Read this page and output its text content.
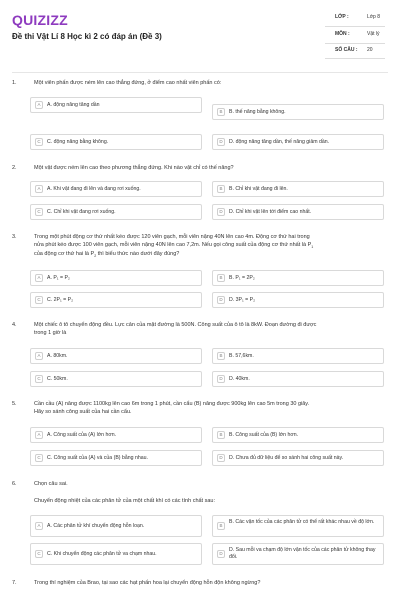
QUIZIZZ
Đề thi Vật Lí 8 Học kì 2 có đáp án (Đề 3)
LỚP :	Lớp 8
MÔN :	Vật lý
SỐ CÂU :	20
1.	Một viên phấn được ném lên cao thẳng đứng, ở điểm cao nhất viên phấn có:
A	A. động năng tăng dần
B	B. thế năng bằng không.
C	C. động năng bằng không.	D	D. động năng tăng dần, thế năng giảm dần.
2.	Một vật được ném lên cao theo phương thẳng đứng. Khi nào vật chỉ có thế năng?
A	A. Khi vật đang đi lên và đang rơi xuống.	B	B. Chỉ khi vật đang đi lên.
C	C. Chỉ khi vật đang rơi xuống.	D	D. Chỉ khi vật lên tới điểm cao nhất.
3.	Trong một phút động cơ thứ nhất kéo được 120 viên gạch, mỗi viên nặng 40N lên cao 4m. Động cơ thứ hai trong
nửa phút kéo được 100 viên gạch, mỗi viên nặng 40N lên cao 7,2m. Nếu gọi công suất của động cơ thứ nhất là $P_1$
của động cơ thứ hai là $P_2$ thì biểu thức nào dưới đây đúng?
A	A. P₁ = P₂	B	B. P₁ = 2P₂
C	C. 2P₁ = P₂	D	D. 3P₁ = P₂
4.	Một chiếc ô tô chuyển động đều. Lực cản của mặt đường là 500N. Công suất của ô tô là 8kW. Đoạn đường đi được
trong 1 giờ là
A	A. 80km.	B	B. 57,6km.
C	C. 50km.	D	D. 40km.
5.	Cần cầu (A) nâng được 1100kg lên cao 6m trong 1 phút, cần cẩu (B) nâng được 900kg lên cao 5m trong 30 giây.
Hãy so sánh công suất của hai cần cẩu.
A	A. Công suất của (A) lớn hơn.	B	B. Công suất của (B) lớn hơn.
C	C. Công suất của (A) và của (B) bằng nhau.	D	D. Chưa đủ dữ liệu để so sánh hai công suất này.
6.	Chọn câu sai.
Chuyển động nhiệt của các phân tử của một chất khí có các tính chất sau:
A	A. Các phân tử khí chuyển động hỗn loạn.	B
B. Các vận tốc của các phân tử có thể rất khác nhau về độ lớn.
C	C. Khi chuyển động các phân tử va chạm nhau.	D
D. Sau mỗi va chạm độ lớn vận tốc của các phân tử không thay đổi.
7.	Trong thí nghiệm của Brao, tại sao các hạt phấn hoa lại chuyển động hỗn độn không ngừng?
